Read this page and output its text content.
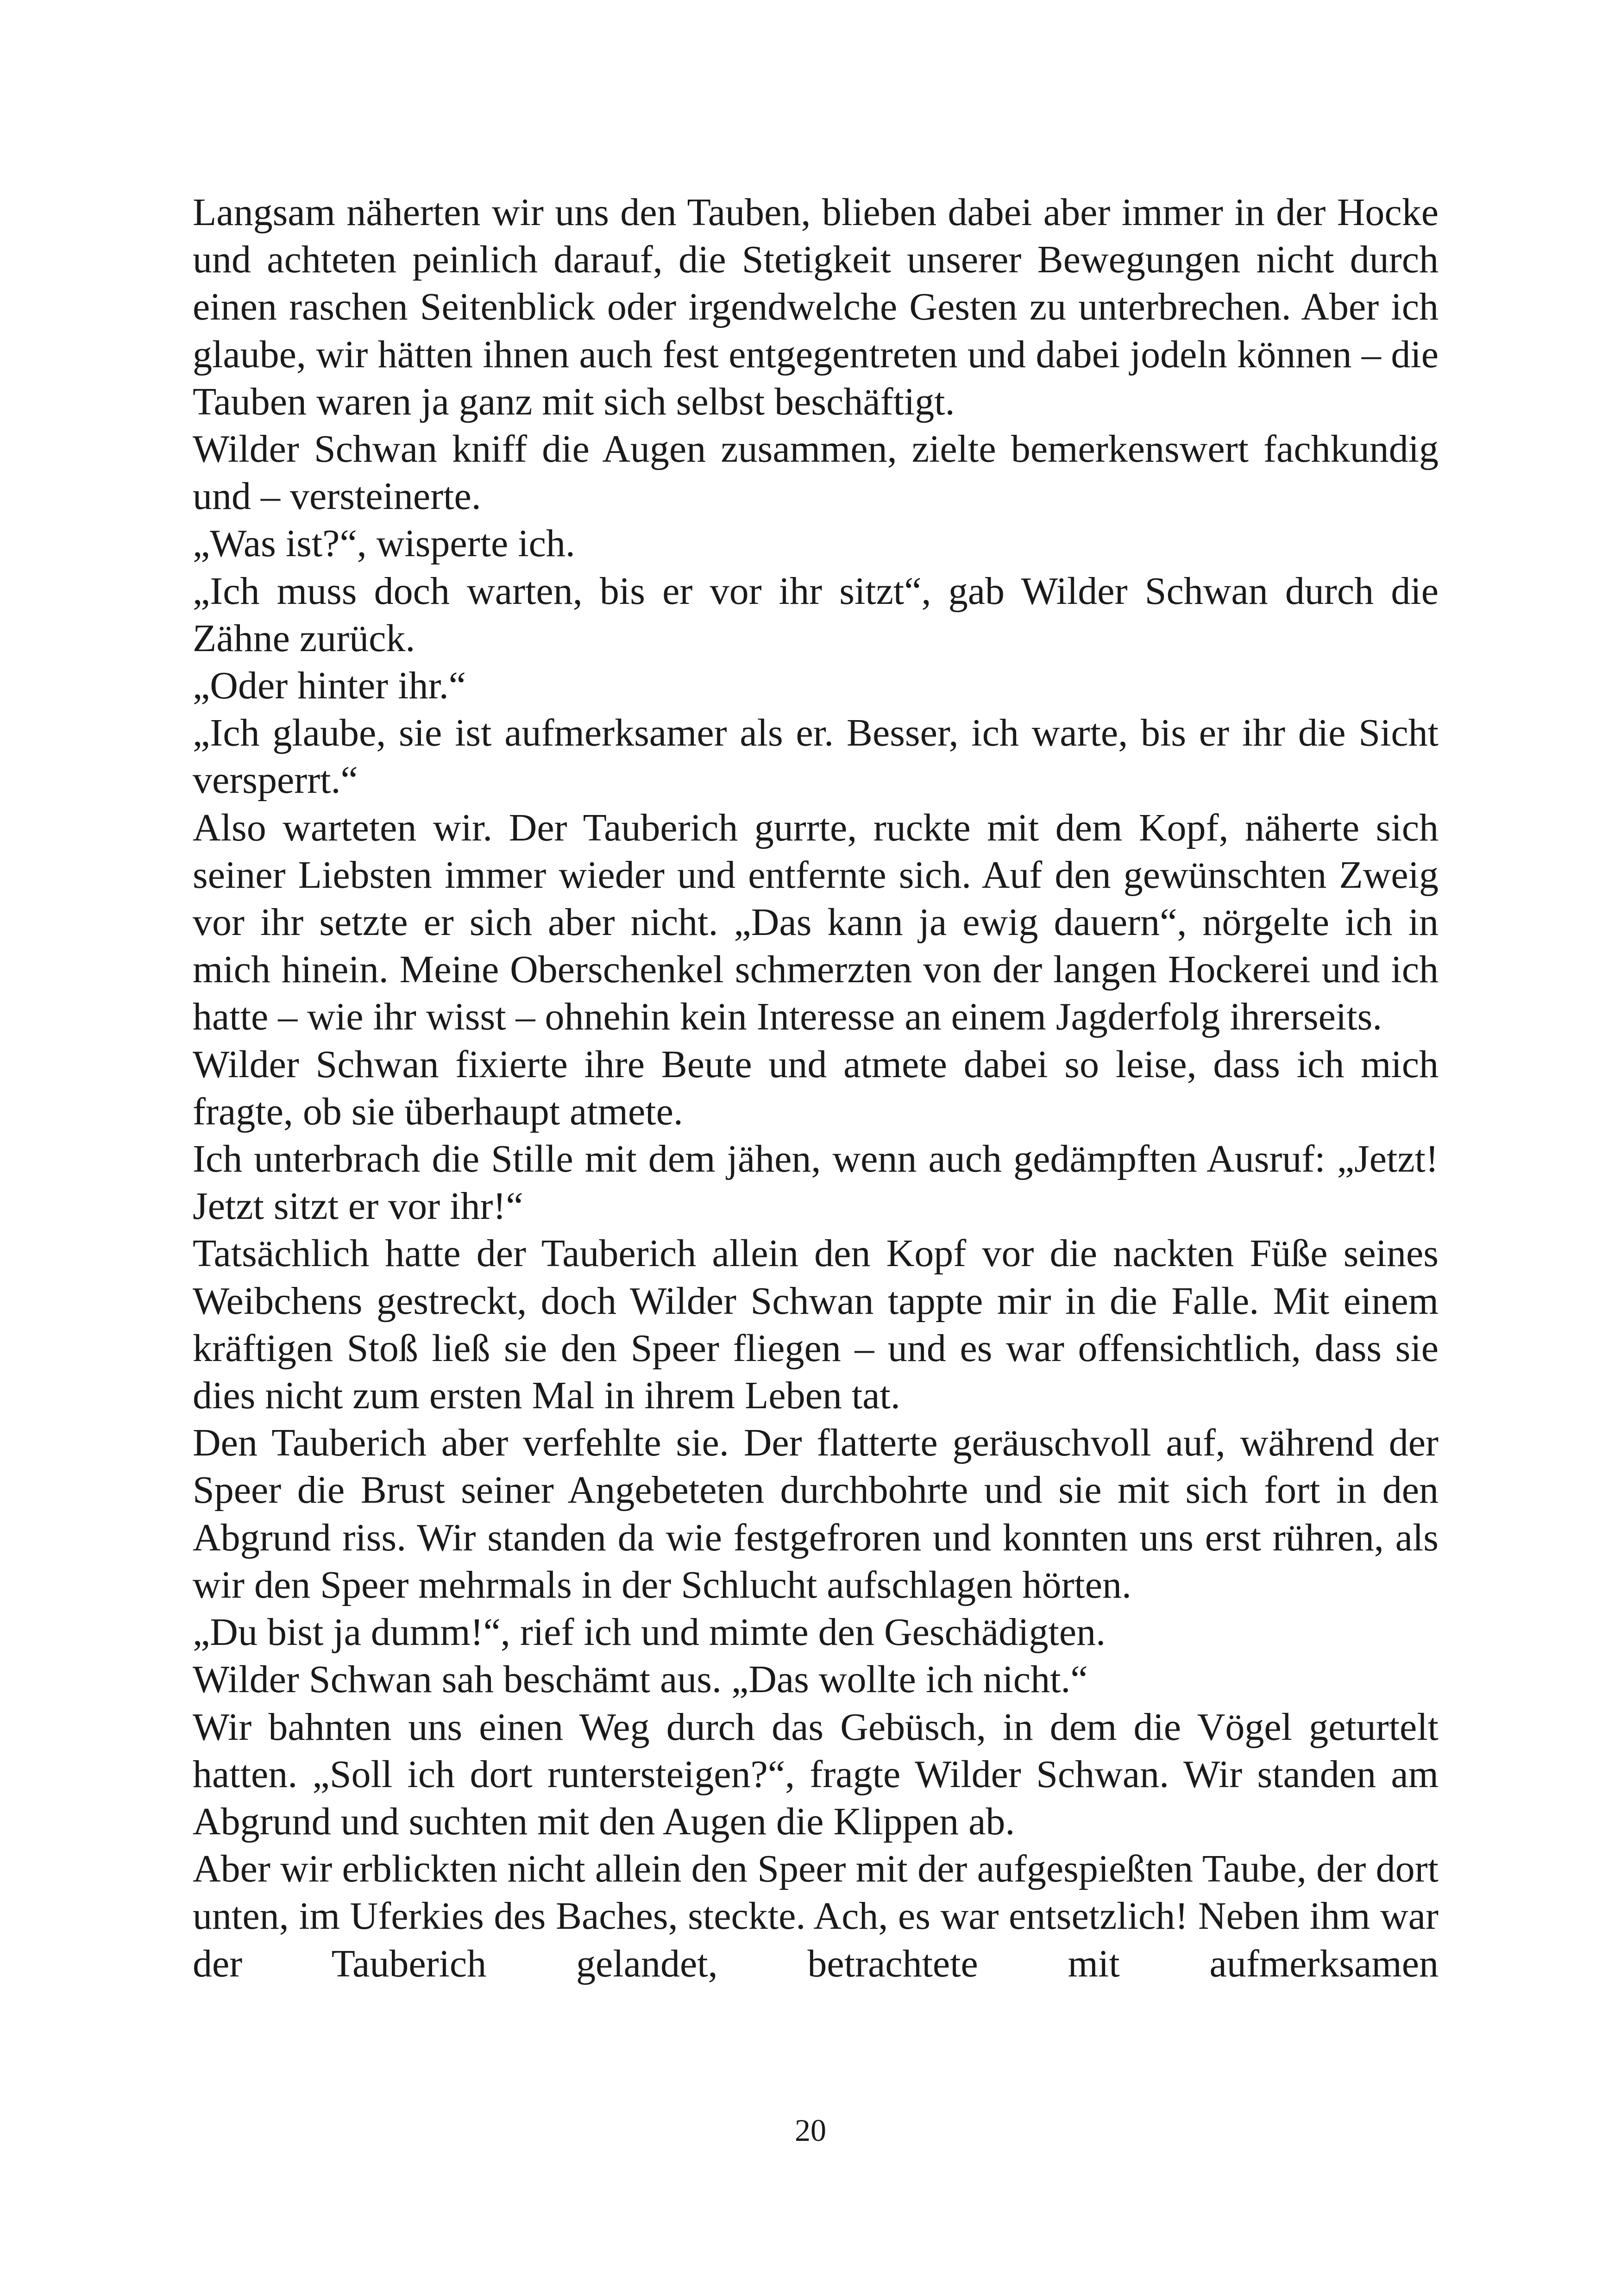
Langsam näherten wir uns den Tauben, blieben dabei aber immer in der Hocke und achteten peinlich darauf, die Stetigkeit unserer Bewegungen nicht durch einen raschen Seitenblick oder irgendwelche Gesten zu unterbrechen. Aber ich glaube, wir hätten ihnen auch fest entgegentreten und dabei jodeln können – die Tauben waren ja ganz mit sich selbst beschäftigt.

Wilder Schwan kniff die Augen zusammen, zielte bemerkenswert fachkundig und – versteinerte.

„Was ist?“, wisperte ich.

„Ich muss doch warten, bis er vor ihr sitzt“, gab Wilder Schwan durch die Zähne zurück.

„Oder hinter ihr.“

„Ich glaube, sie ist aufmerksamer als er. Besser, ich warte, bis er ihr die Sicht versperrt.“

Also warteten wir. Der Tauberich gurrte, ruckte mit dem Kopf, näherte sich seiner Liebsten immer wieder und entfernte sich. Auf den gewünschten Zweig vor ihr setzte er sich aber nicht. „Das kann ja ewig dauern“, nörgelte ich in mich hinein. Meine Oberschenkel schmerzten von der langen Hockerei und ich hatte – wie ihr wisst – ohnehin kein Interesse an einem Jagderfolg ihrerseits.

Wilder Schwan fixierte ihre Beute und atmete dabei so leise, dass ich mich fragte, ob sie überhaupt atmete.

Ich unterbrach die Stille mit dem jähen, wenn auch gedämpften Ausruf: „Jetzt! Jetzt sitzt er vor ihr!“

Tatsächlich hatte der Tauberich allein den Kopf vor die nackten Füße seines Weibchens gestreckt, doch Wilder Schwan tappte mir in die Falle. Mit einem kräftigen Stoß ließ sie den Speer fliegen – und es war offensichtlich, dass sie dies nicht zum ersten Mal in ihrem Leben tat.

Den Tauberich aber verfehlte sie. Der flatterte geräuschvoll auf, während der Speer die Brust seiner Angebeteten durchbohrte und sie mit sich fort in den Abgrund riss. Wir standen da wie festgefroren und konnten uns erst rühren, als wir den Speer mehrmals in der Schlucht aufschlagen hörten.

„Du bist ja dumm!“, rief ich und mimte den Geschädigten.

Wilder Schwan sah beschämt aus. „Das wollte ich nicht.“

Wir bahnten uns einen Weg durch das Gebüsch, in dem die Vögel geturtelt hatten. „Soll ich dort runtersteigen?“, fragte Wilder Schwan. Wir standen am Abgrund und suchten mit den Augen die Klippen ab.

Aber wir erblickten nicht allein den Speer mit der aufgespießten Taube, der dort unten, im Uferkies des Baches, steckte. Ach, es war entsetzlich! Neben ihm war der Tauberich gelandet, betrachtete mit aufmerksamen

20
